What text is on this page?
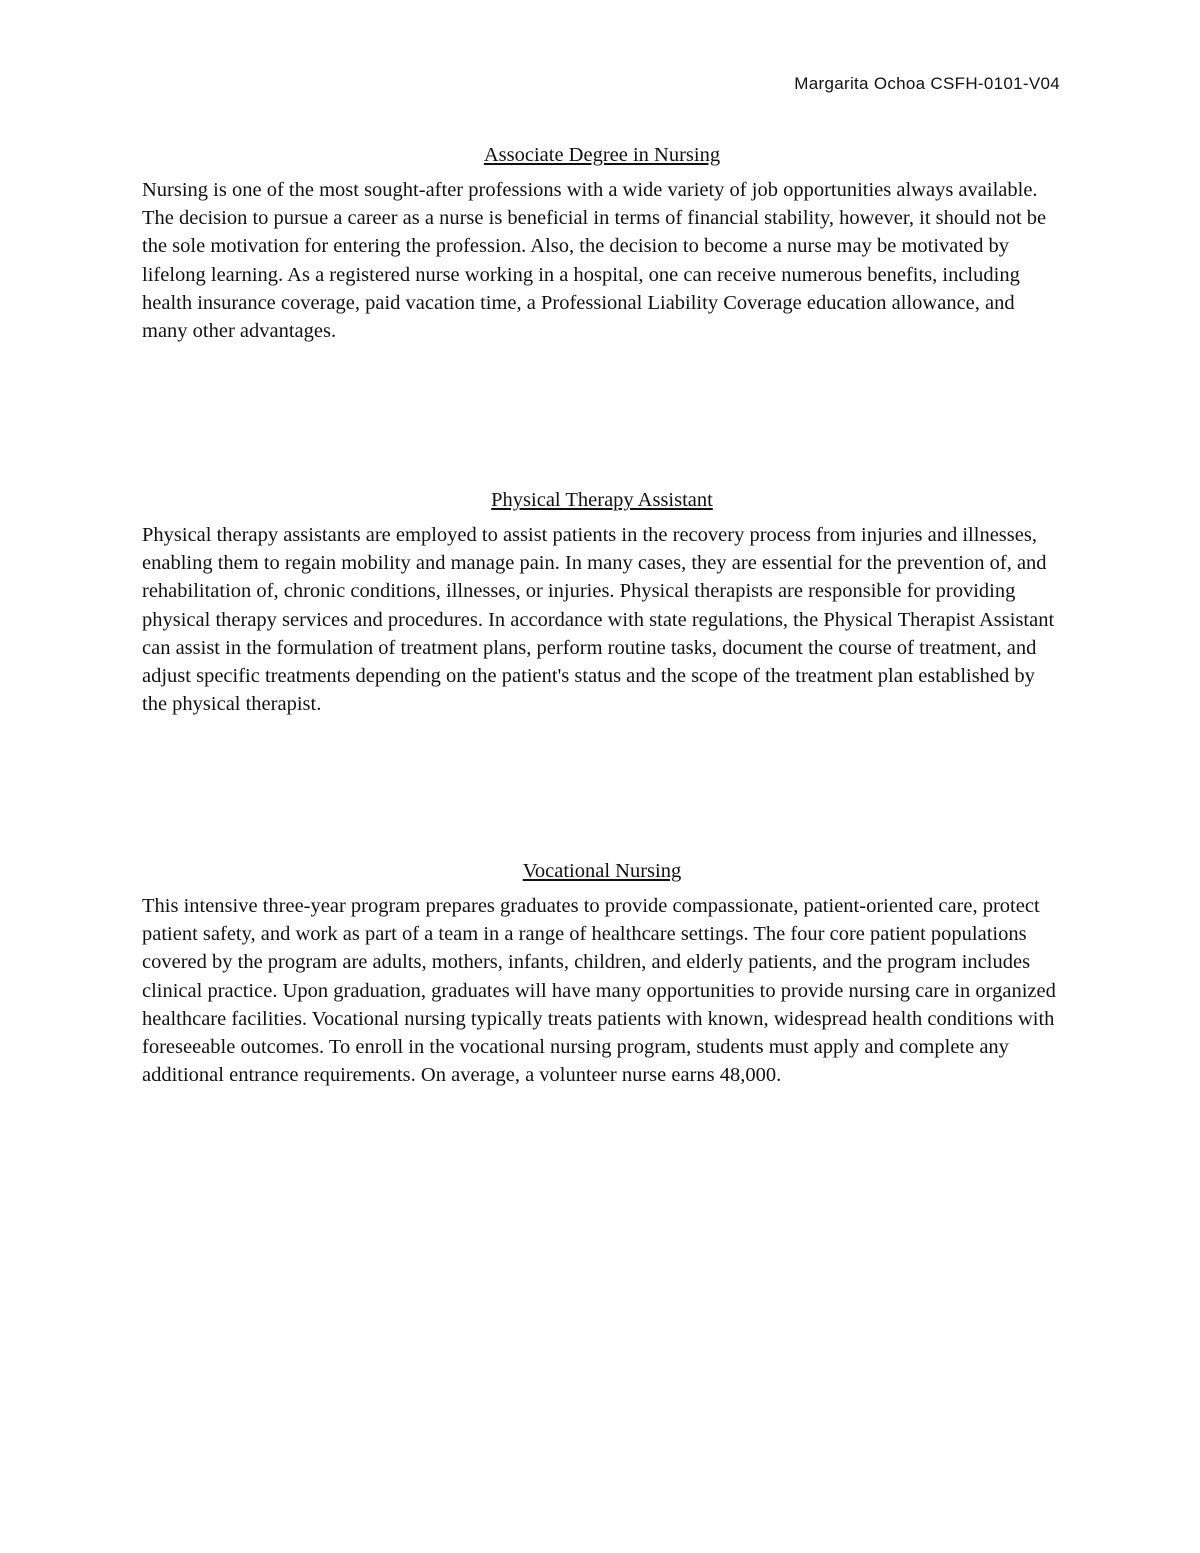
Margarita Ochoa CSFH-0101-V04
Associate Degree in Nursing

Nursing is one of the most sought-after professions with a wide variety of job opportunities always available. The decision to pursue a career as a nurse is beneficial in terms of financial stability, however, it should not be the sole motivation for entering the profession. Also, the decision to become a nurse may be motivated by lifelong learning. As a registered nurse working in a hospital, one can receive numerous benefits, including health insurance coverage, paid vacation time, a Professional Liability Coverage education allowance, and many other advantages.

Physical Therapy Assistant

Physical therapy assistants are employed to assist patients in the recovery process from injuries and illnesses, enabling them to regain mobility and manage pain. In many cases, they are essential for the prevention of, and rehabilitation of, chronic conditions, illnesses, or injuries. Physical therapists are responsible for providing physical therapy services and procedures. In accordance with state regulations, the Physical Therapist Assistant can assist in the formulation of treatment plans, perform routine tasks, document the course of treatment, and adjust specific treatments depending on the patient's status and the scope of the treatment plan established by the physical therapist.

Vocational Nursing

This intensive three-year program prepares graduates to provide compassionate, patient-oriented care, protect patient safety, and work as part of a team in a range of healthcare settings. The four core patient populations covered by the program are adults, mothers, infants, children, and elderly patients, and the program includes clinical practice. Upon graduation, graduates will have many opportunities to provide nursing care in organized healthcare facilities. Vocational nursing typically treats patients with known, widespread health conditions with foreseeable outcomes. To enroll in the vocational nursing program, students must apply and complete any additional entrance requirements. On average, a volunteer nurse earns 48,000.
